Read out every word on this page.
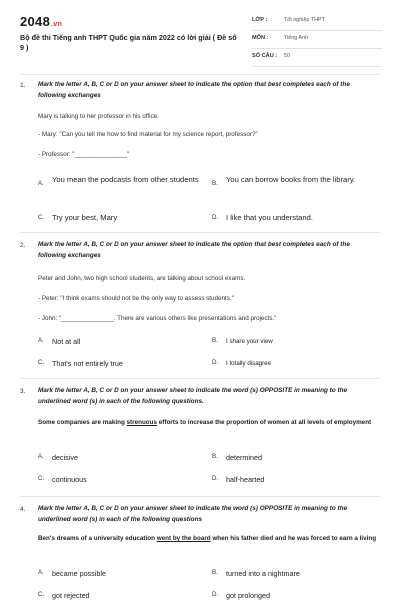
2048.vn
Bộ đề thi Tiếng anh THPT Quốc gia năm 2022 có lời giải ( Đề số 9 )
LỚP :	Tốt nghiệp THPT
MÔN :	Tiếng Anh
SỐ CÂU : 50
1. Mark the letter A, B, C or D on your answer sheet to indicate the option that best completes each of the following exchanges
Mary is talking to her professor in his office.
- Mary: "Can you tell me how to find material for my science report, professor?"
- Professor: "_______________"
A. You mean the podcasts from other students	B. You can borrow books from the library.
C. Try your best, Mary	D. I like that you understand.
2. Mark the letter A, B, C or D on your answer sheet to indicate the option that best completes each of the following exchanges
Peter and John, two high school students, are talking about school exams.
- Peter: "I think exams should not be the only way to assess students."
- John: "_______________. There are various others like presentations and projects."
A. Not at all	B. I share your view
C. That's not entirely true	D. I totally disagree
3. Mark the letter A, B, C or D on your answer sheet to indicate the word (s) OPPOSITE in meaning to the underlined word (s) in each of the following questions.
Some companies are making strenuous efforts to increase the proportion of women at all levels of employment
A. decisive	B. determined
C. continuous	D. half-hearted
4. Mark the letter A, B, C or D on your answer sheet to indicate the word (s) OPPOSITE in meaning to the underlined word (s) in each of the following questions
Ben's dreams of a university education went by the board when his father died and he was forced to earn a living
A. became possible	B. turned into a nightmare
C. got rejected	D. got prolonged
